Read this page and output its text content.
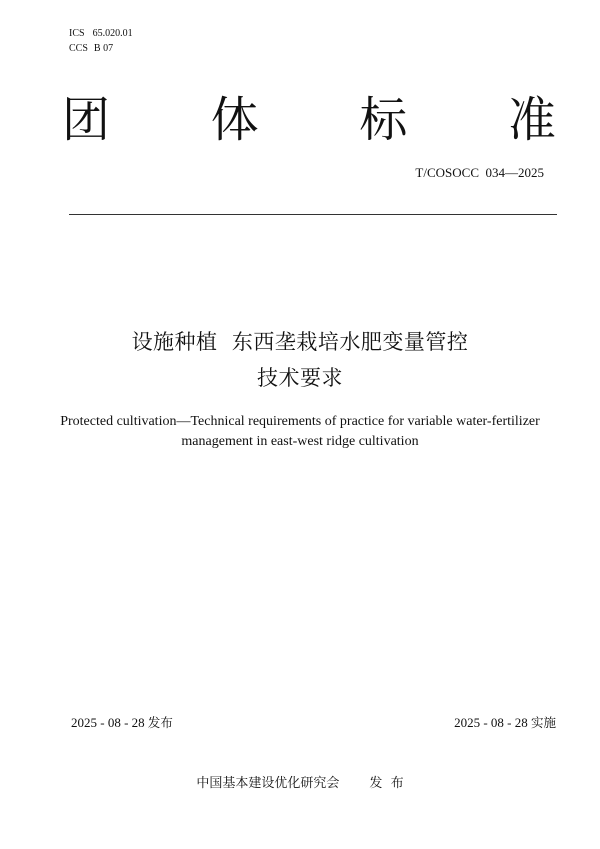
ICS 65.020.01
CCS B 07
团 体 标 准
T/COSOCC  034—2025
设施种植  东西垄栽培水肥变量管控
技术要求
Protected cultivation—Technical requirements of practice for variable water-fertilizer
management in east-west ridge cultivation
2025 - 08 - 28 发布	2025 - 08 - 28 实施
中国基本建设优化研究会 发  布
